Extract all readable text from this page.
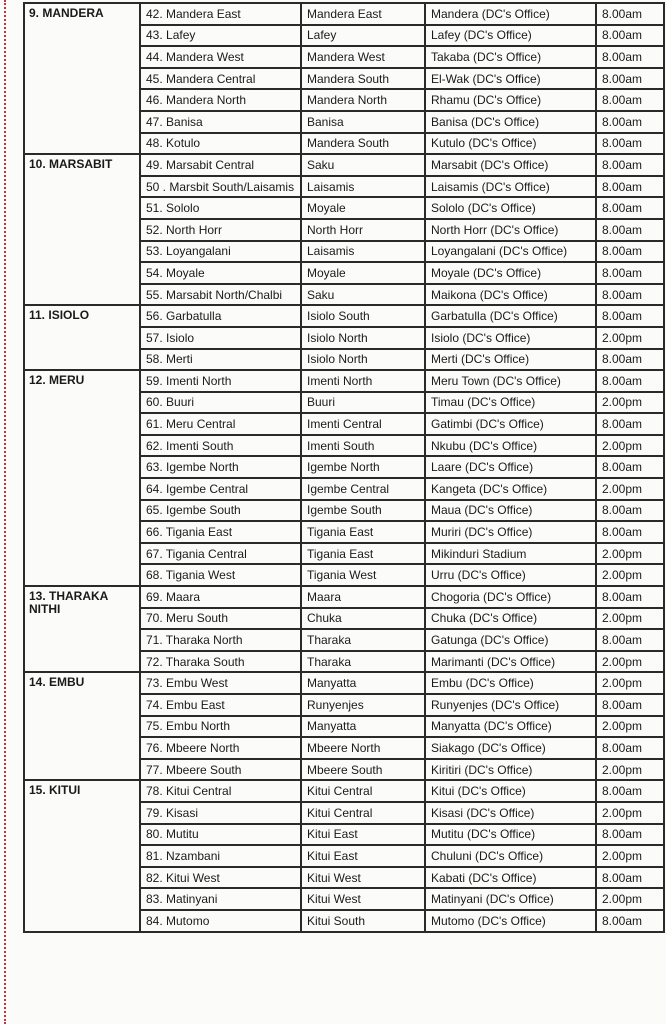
9. MANDERA	42. Mandera East	Mandera East	Mandera (DC's Office)	8.00am
	43. Lafey	Lafey	Lafey (DC's Office)	8.00am
	44. Mandera West	Mandera West	Takaba (DC's Office)	8.00am
	45. Mandera Central	Mandera South	El-Wak (DC's Office)	8.00am
	46. Mandera North	Mandera North	Rhamu (DC's Office)	8.00am
	47. Banisa	Banisa	Banisa (DC's Office)	8.00am
	48. Kotulo	Mandera South	Kutulo (DC's Office)	8.00am
10. MARSABIT	49. Marsabit Central	Saku	Marsabit (DC's Office)	8.00am
	50 . Marsbit South/Laisamis	Laisamis	Laisamis (DC's Office)	8.00am
	51. Sololo	Moyale	Sololo (DC's Office)	8.00am
	52. North Horr	North Horr	North Horr (DC's Office)	8.00am
	53. Loyangalani	Laisamis	Loyangalani (DC's Office)	8.00am
	54. Moyale	Moyale	Moyale (DC's Office)	8.00am
	55. Marsabit North/Chalbi	Saku	Maikona (DC's Office)	8.00am
11. ISIOLO	56. Garbatulla	Isiolo South	Garbatulla (DC's Office)	8.00am
	57. Isiolo	Isiolo North	Isiolo (DC's Office)	2.00pm
	58. Merti	Isiolo North	Merti (DC's Office)	8.00am
12. MERU	59. Imenti North	Imenti North	Meru Town (DC's Office)	8.00am
	60. Buuri	Buuri	Timau (DC's Office)	2.00pm
	61. Meru Central	Imenti Central	Gatimbi (DC's Office)	8.00am
	62. Imenti South	Imenti South	Nkubu (DC's Office)	2.00pm
	63. Igembe North	Igembe North	Laare (DC's Office)	8.00am
	64. Igembe Central	Igembe Central	Kangeta (DC's Office)	2.00pm
	65. Igembe South	Igembe South	Maua (DC's Office)	8.00am
	66. Tigania East	Tigania East	Muriri (DC's Office)	8.00am
	67. Tigania Central	Tigania East	Mikinduri Stadium	2.00pm
	68. Tigania West	Tigania West	Urru (DC's Office)	2.00pm
13. THARAKA NITHI	69. Maara	Maara	Chogoria (DC's Office)	8.00am
	70. Meru South	Chuka	Chuka (DC's Office)	2.00pm
	71. Tharaka North	Tharaka	Gatunga (DC's Office)	8.00am
	72. Tharaka South	Tharaka	Marimanti (DC's Office)	2.00pm
14. EMBU	73. Embu West	Manyatta	Embu (DC's Office)	2.00pm
	74. Embu East	Runyenjes	Runyenjes (DC's Office)	8.00am
	75. Embu North	Manyatta	Manyatta (DC's Office)	2.00pm
	76. Mbeere North	Mbeere North	Siakago (DC's Office)	8.00am
	77. Mbeere South	Mbeere South	Kiritiri (DC's Office)	2.00pm
15. KITUI	78. Kitui Central	Kitui Central	Kitui (DC's Office)	8.00am
	79. Kisasi	Kitui Central	Kisasi (DC's Office)	2.00pm
	80. Mutitu	Kitui East	Mutitu (DC's Office)	8.00am
	81. Nzambani	Kitui East	Chuluni (DC's Office)	2.00pm
	82. Kitui West	Kitui West	Kabati (DC's Office)	8.00am
	83. Matinyani	Kitui West	Matinyani (DC's Office)	2.00pm
	84. Mutomo	Kitui South	Mutomo (DC's Office)	8.00am
